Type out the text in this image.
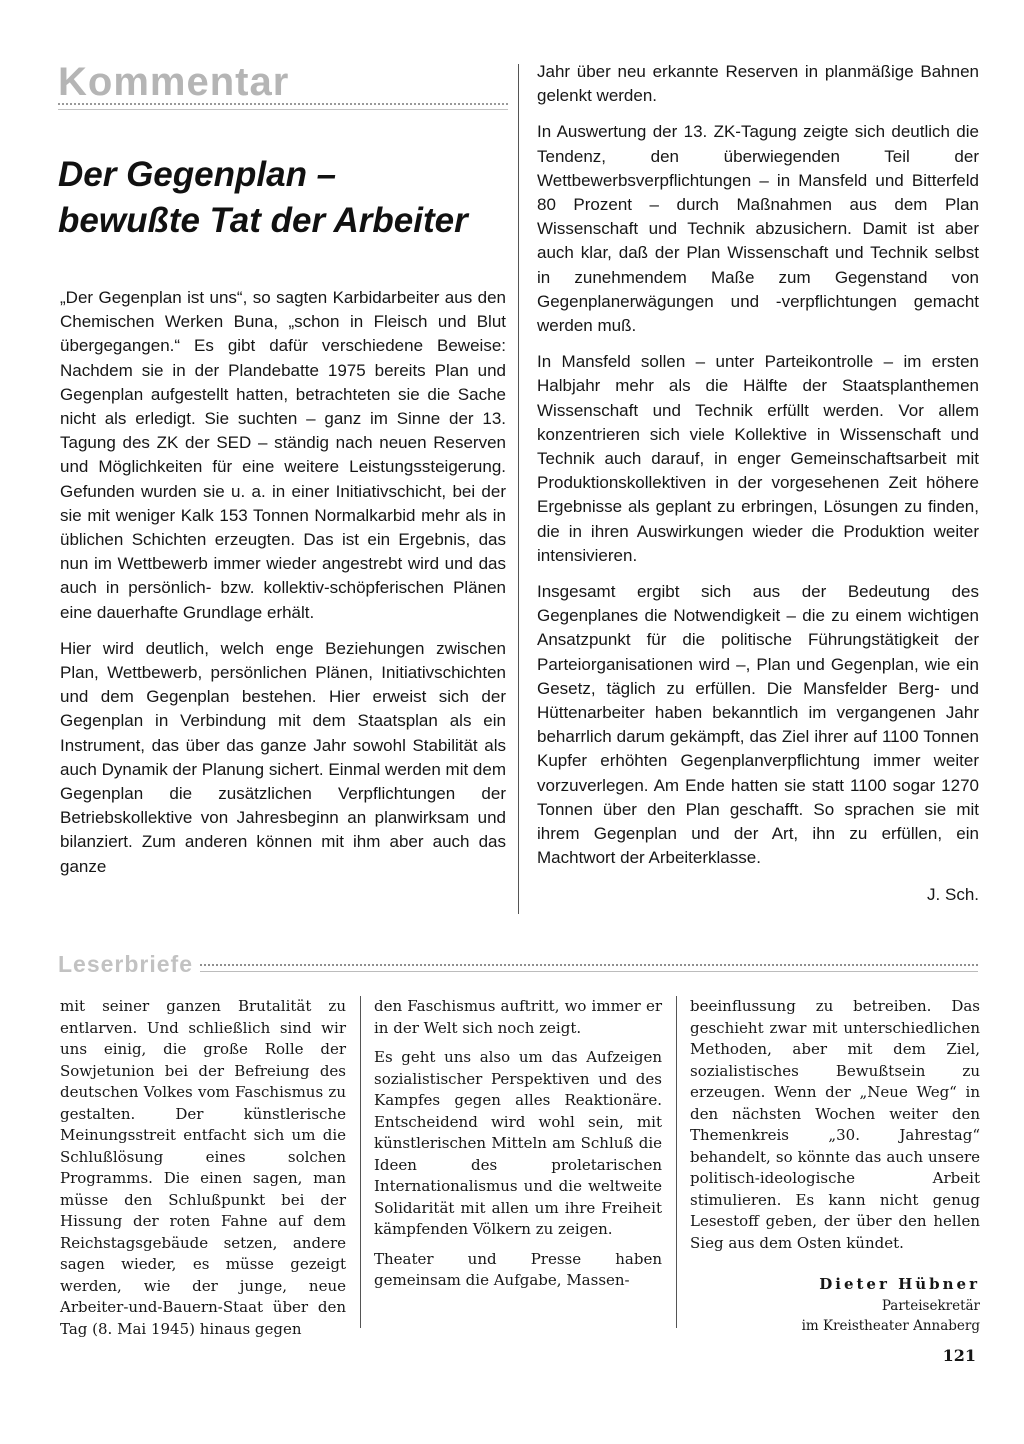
Kommentar
Der Gegenplan –
bewußte Tat der Arbeiter

„Der Gegenplan ist uns“, so sagten Karbidarbeiter aus den Chemischen Werken Buna, „schon in Fleisch und Blut übergegangen.“ Es gibt dafür verschiedene Beweise: Nachdem sie in der Plandebatte 1975 bereits Plan und Gegenplan aufgestellt hatten, betrachteten sie die Sache nicht als erledigt. Sie suchten – ganz im Sinne der 13. Tagung des ZK der SED – ständig nach neuen Reserven und Möglichkeiten für eine weitere Leistungssteigerung. Gefunden wurden sie u. a. in einer Initiativschicht, bei der sie mit weniger Kalk 153 Tonnen Normalkarbid mehr als in üblichen Schichten erzeugten. Das ist ein Ergebnis, das nun im Wettbewerb immer wieder angestrebt wird und das auch in persönlich- bzw. kollektiv-schöpferischen Plänen eine dauerhafte Grundlage erhält.

Hier wird deutlich, welch enge Beziehungen zwischen Plan, Wettbewerb, persönlichen Plänen, Initiativschichten und dem Gegenplan bestehen. Hier erweist sich der Gegenplan in Verbindung mit dem Staatsplan als ein Instrument, das über das ganze Jahr sowohl Stabilität als auch Dynamik der Planung sichert. Einmal werden mit dem Gegenplan die zusätzlichen Verpflichtungen der Betriebskollektive von Jahresbeginn an planwirksam und bilanziert. Zum anderen können mit ihm aber auch das ganze

Jahr über neu erkannte Reserven in planmäßige Bahnen gelenkt werden.

In Auswertung der 13. ZK-Tagung zeigte sich deutlich die Tendenz, den überwiegenden Teil der Wettbewerbsverpflichtungen – in Mansfeld und Bitterfeld 80 Prozent – durch Maßnahmen aus dem Plan Wissenschaft und Technik abzusichern. Damit ist aber auch klar, daß der Plan Wissenschaft und Technik selbst in zunehmendem Maße zum Gegenstand von Gegenplanerwägungen und -verpflichtungen gemacht werden muß.

In Mansfeld sollen – unter Parteikontrolle – im ersten Halbjahr mehr als die Hälfte der Staatsplanthemen Wissenschaft und Technik erfüllt werden. Vor allem konzentrieren sich viele Kollektive in Wissenschaft und Technik auch darauf, in enger Gemeinschaftsarbeit mit Produktionskollektiven in der vorgesehenen Zeit höhere Ergebnisse als geplant zu erbringen, Lösungen zu finden, die in ihren Auswirkungen wieder die Produktion weiter intensivieren.

Insgesamt ergibt sich aus der Bedeutung des Gegenplanes die Notwendigkeit – die zu einem wichtigen Ansatzpunkt für die politische Führungstätigkeit der Parteiorganisationen wird –, Plan und Gegenplan, wie ein Gesetz, täglich zu erfüllen. Die Mansfelder Berg- und Hüttenarbeiter haben bekanntlich im vergangenen Jahr beharrlich darum gekämpft, das Ziel ihrer auf 1100 Tonnen Kupfer erhöhten Gegenplanverpflichtung immer weiter vorzuverlegen. Am Ende hatten sie statt 1100 sogar 1270 Tonnen über den Plan geschafft. So sprachen sie mit ihrem Gegenplan und der Art, ihn zu erfüllen, ein Machtwort der Arbeiterklasse.

J. Sch.
Leserbriefe

mit seiner ganzen Brutalität zu entlarven. Und schließlich sind wir uns einig, die große Rolle der Sowjetunion bei der Befreiung des deutschen Volkes vom Faschismus zu gestalten. Der künstlerische Meinungsstreit entfacht sich um die Schlußlösung eines solchen Programms. Die einen sagen, man müsse den Schlußpunkt bei der Hissung der roten Fahne auf dem Reichstagsgebäude setzen, andere sagen wieder, es müsse gezeigt werden, wie der junge, neue Arbeiter-und-Bauern-Staat über den Tag (8. Mai 1945) hinaus gegen

den Faschismus auftritt, wo immer er in der Welt sich noch zeigt.

Es geht uns also um das Aufzeigen sozialistischer Perspektiven und des Kampfes gegen alles Reaktionäre. Entscheidend wird wohl sein, mit künstlerischen Mitteln am Schluß die Ideen des proletarischen Internationalismus und die weltweite Solidarität mit allen um ihre Freiheit kämpfenden Völkern zu zeigen.

Theater und Presse haben gemeinsam die Aufgabe, Massen-

beeinflussung zu betreiben. Das geschieht zwar mit unterschiedlichen Methoden, aber mit dem Ziel, sozialistisches Bewußtsein zu erzeugen. Wenn der „Neue Weg“ in den nächsten Wochen weiter den Themenkreis „30. Jahrestag“ behandelt, so könnte das auch unsere politisch-ideologische Arbeit stimulieren. Es kann nicht genug Lesestoff geben, der über den hellen Sieg aus dem Osten kündet.

Dieter Hübner
Parteisekretär
im Kreistheater Annaberg
121
